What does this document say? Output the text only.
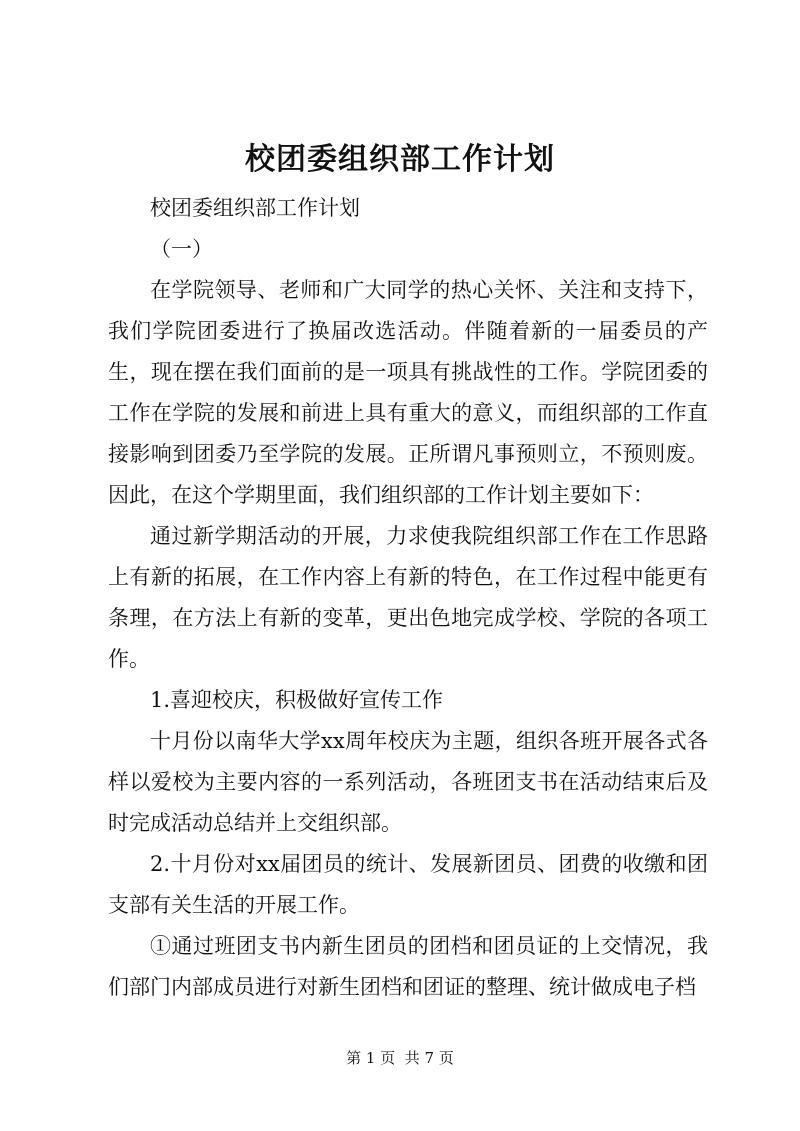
校团委组织部工作计划

校团委组织部工作计划

（一）

在学院领导、老师和广大同学的热心关怀、关注和支持下，我们学院团委进行了换届改选活动。伴随着新的一届委员的产生，现在摆在我们面前的是一项具有挑战性的工作。学院团委的工作在学院的发展和前进上具有重大的意义，而组织部的工作直接影响到团委乃至学院的发展。正所谓凡事预则立，不预则废。因此，在这个学期里面，我们组织部的工作计划主要如下：

通过新学期活动的开展，力求使我院组织部工作在工作思路上有新的拓展，在工作内容上有新的特色，在工作过程中能更有条理，在方法上有新的变革，更出色地完成学校、学院的各项工作。

1.喜迎校庆，积极做好宣传工作

十月份以南华大学xx周年校庆为主题，组织各班开展各式各样以爱校为主要内容的一系列活动，各班团支书在活动结束后及时完成活动总结并上交组织部。

2.十月份对xx届团员的统计、发展新团员、团费的收缴和团支部有关生活的开展工作。

①通过班团支书内新生团员的团档和团员证的上交情况，我们部门内部成员进行对新生团档和团证的整理、统计做成电子档

第 1 页  共 7 页
